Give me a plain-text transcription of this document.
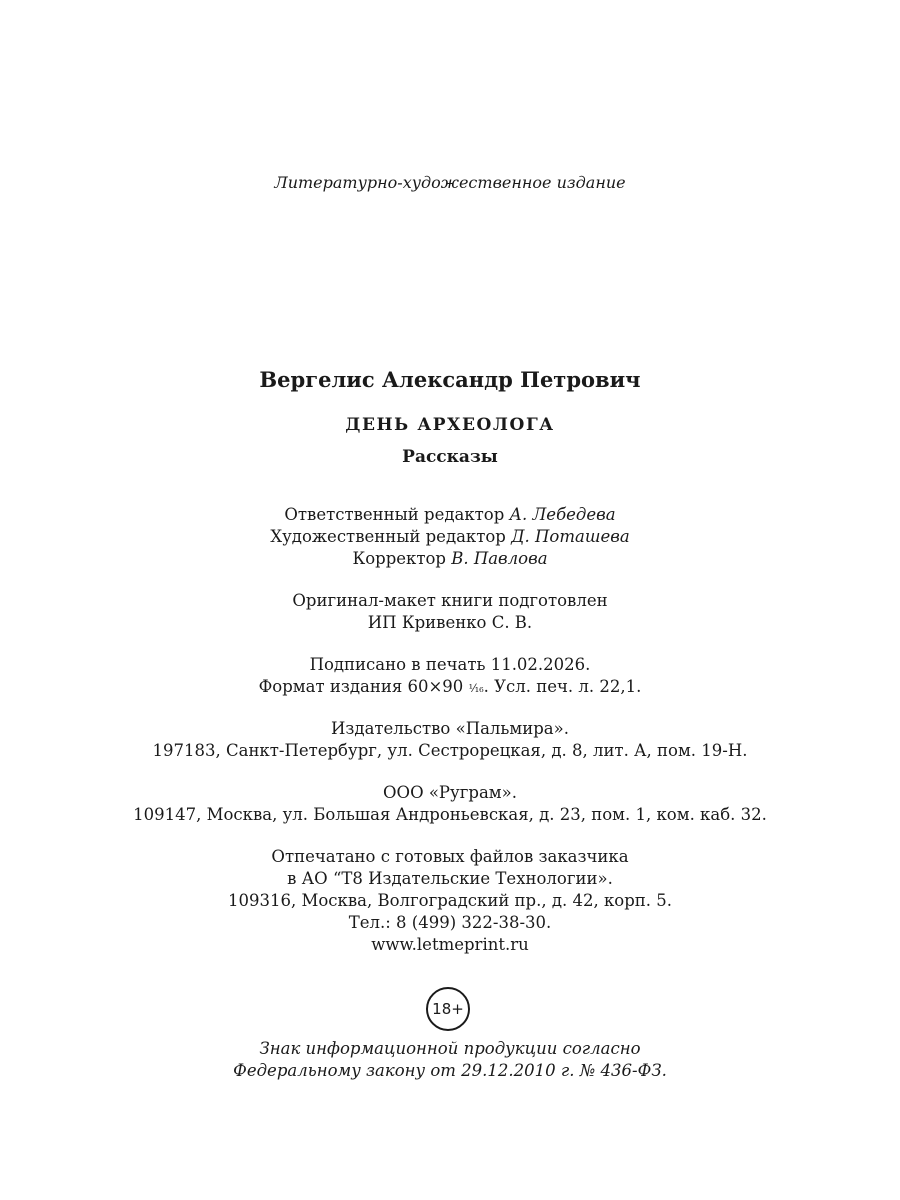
Литературно-художественное издание
Вергелис Александр Петрович
ДЕНЬ АРХЕОЛОГА
Рассказы
Ответственный редактор А. Лебедева
Художественный редактор Д. Поташева
Корректор В. Павлова
Оригинал-макет книги подготовлен
ИП Кривенко С. В.
Подписано в печать 11.02.2026.
Формат издания 60×90 ¹⁄₁₆. Усл. печ. л. 22,1.
Издательство «Пальмира».
197183, Санкт-Петербург, ул. Сестрорецкая, д. 8, лит. А, пом. 19-Н.
ООО «Руграм».
109147, Москва, ул. Большая Андроньевская, д. 23, пом. 1, ком. каб. 32.
Отпечатано с готовых файлов заказчика
в АО “Т8 Издательские Технологии».
109316, Москва, Волгоградский пр., д. 42, корп. 5.
Тел.: 8 (499) 322-38-30.
www.letmeprint.ru
18+
Знак информационной продукции согласно
Федеральному закону от 29.12.2010 г. № 436-ФЗ.
